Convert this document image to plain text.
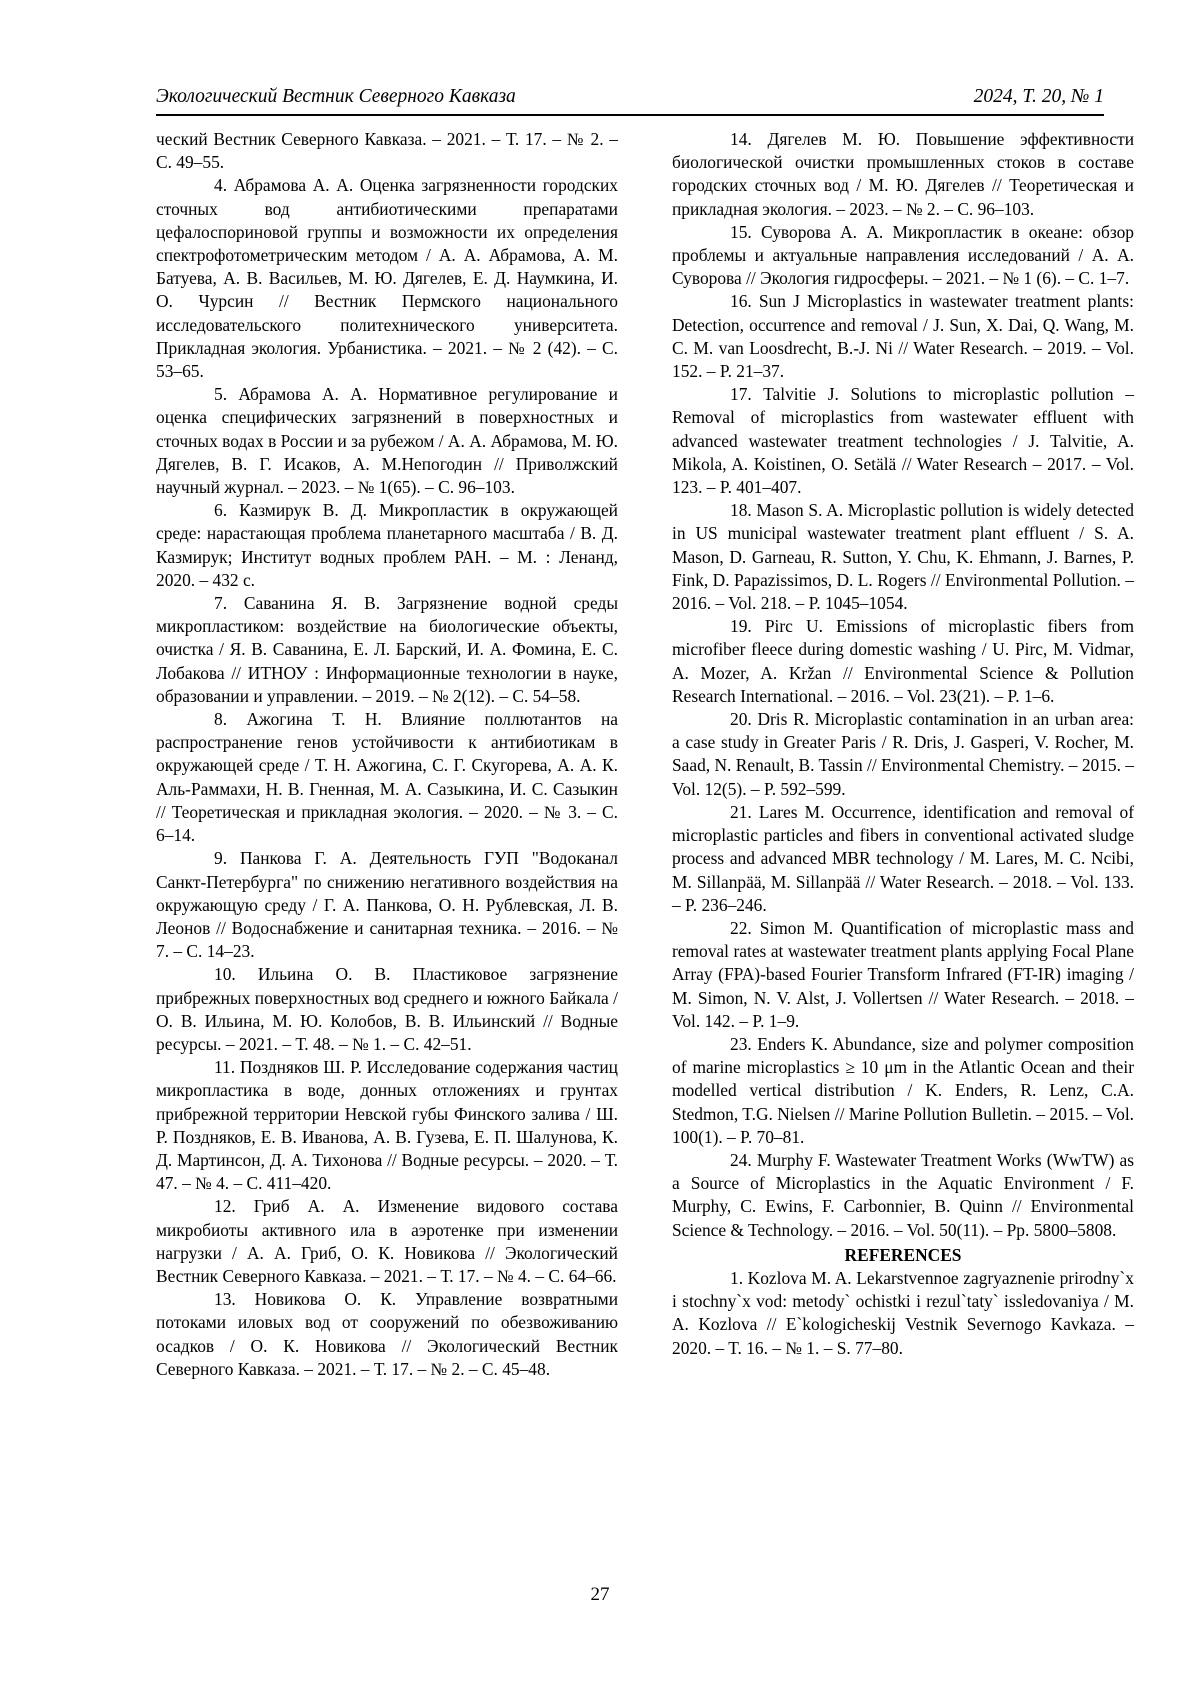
Экологический Вестник Северного Кавказа	2024, Т. 20, № 1

ческий Вестник Северного Кавказа. – 2021. – Т. 17. – № 2. – С. 49–55.

4. Абрамова А. А. Оценка загрязненности городских сточных вод антибиотическими препаратами цефалоспориновой группы и возможности их определения спектрофотометрическим методом / А. А. Абрамова, А. М. Батуева, А. В. Васильев, М. Ю. Дягелев, Е. Д. Наумкина, И. О. Чурсин // Вестник Пермского национального исследовательского политехнического университета. Прикладная экология. Урбанистика. – 2021. – № 2 (42). – С. 53–65.

5. Абрамова А. А. Нормативное регулирование и оценка специфических загрязнений в поверхностных и сточных водах в России и за рубежом / А. А. Абрамова, М. Ю. Дягелев, В. Г. Исаков, А. М.Непогодин // Приволжский научный журнал. – 2023. – № 1(65). – С. 96–103.

6. Казмирук В. Д. Микропластик в окружающей среде: нарастающая проблема планетарного масштаба / В. Д. Казмирук; Институт водных проблем РАН. – М. : Ленанд, 2020. – 432 с.

7. Саванина Я. В. Загрязнение водной среды микропластиком: воздействие на биологические объекты, очистка / Я. В. Саванина, Е. Л. Барский, И. А. Фомина, Е. С. Лобакова // ИТНОУ : Информационные технологии в науке, образовании и управлении. – 2019. – № 2(12). – С. 54–58.

8. Ажогина Т. Н. Влияние поллютантов на распространение генов устойчивости к антибиотикам в окружающей среде / Т. Н. Ажогина, С. Г. Скугорева, А. А. К. Аль-Раммахи, Н. В. Гненная, М. А. Сазыкина, И. С. Сазыкин // Теоретическая и прикладная экология. – 2020. – № 3. – С. 6–14.

9. Панкова Г. А. Деятельность ГУП "Водоканал Санкт-Петербурга" по снижению негативного воздействия на окружающую среду / Г. А. Панкова, О. Н. Рублевская, Л. В. Леонов // Водоснабжение и санитарная техника. – 2016. – № 7. – С. 14–23.

10. Ильина О. В. Пластиковое загрязнение прибрежных поверхностных вод среднего и южного Байкала / О. В. Ильина, М. Ю. Колобов, В. В. Ильинский // Водные ресурсы. – 2021. – Т. 48. – № 1. – С. 42–51.

11. Поздняков Ш. Р. Исследование содержания частиц микропластика в воде, донных отложениях и грунтах прибрежной территории Невской губы Финского залива / Ш. Р. Поздняков, Е. В. Иванова, А. В. Гузева, Е. П. Шалунова, К. Д. Мартинсон, Д. А. Тихонова // Водные ресурсы. – 2020. – Т. 47. – № 4. – С. 411–420.

12. Гриб А. А. Изменение видового состава микробиоты активного ила в аэротенке при изменении нагрузки / А. А. Гриб, О. К. Новикова // Экологический Вестник Северного Кавказа. – 2021. – Т. 17. – № 4. – С. 64–66.

13. Новикова О. К. Управление возвратными потоками иловых вод от сооружений по обезвоживанию осадков / О. К. Новикова // Экологический Вестник Северного Кавказа. – 2021. – Т. 17. – № 2. – С. 45–48.

14. Дягелев М. Ю. Повышение эффективности биологической очистки промышленных стоков в составе городских сточных вод / М. Ю. Дягелев // Теоретическая и прикладная экология. – 2023. – № 2. – С. 96–103.

15. Суворова А. А. Микропластик в океане: обзор проблемы и актуальные направления исследований / А. А. Суворова // Экология гидросферы. – 2021. – № 1 (6). – С. 1–7.

16. Sun J Microplastics in wastewater treatment plants: Detection, occurrence and removal / J. Sun, X. Dai, Q. Wang, M. C. M. van Loosdrecht, B.-J. Ni // Water Research. – 2019. – Vol. 152. – P. 21–37.

17. Talvitie J. Solutions to microplastic pollution – Removal of microplastics from wastewater effluent with advanced wastewater treatment technologies / J. Talvitie, A. Mikola, A. Koistinen, O. Setälä // Water Research – 2017. – Vol. 123. – P. 401–407.

18. Mason S. A. Microplastic pollution is widely detected in US municipal wastewater treatment plant effluent / S. A. Mason, D. Garneau, R. Sutton, Y. Chu, K. Ehmann, J. Barnes, P. Fink, D. Papazissimos, D. L. Rogers // Environmental Pollution. – 2016. – Vol. 218. – P. 1045–1054.

19. Pirc U. Emissions of microplastic fibers from microfiber fleece during domestic washing / U. Pirc, M. Vidmar, A. Mozer, A. Kržan // Environmental Science & Pollution Research International. – 2016. – Vol. 23(21). – P. 1–6.

20. Dris R. Microplastic contamination in an urban area: a case study in Greater Paris / R. Dris, J. Gasperi, V. Rocher, M. Saad, N. Renault, B. Tassin // Environmental Chemistry. – 2015. – Vol. 12(5). – P. 592–599.

21. Lares M. Occurrence, identification and removal of microplastic particles and fibers in conventional activated sludge process and advanced MBR technology / M. Lares, M. C. Ncibi, M. Sillanpää, M. Sillanpää // Water Research. – 2018. – Vol. 133. – P. 236–246.

22. Simon M. Quantification of microplastic mass and removal rates at wastewater treatment plants applying Focal Plane Array (FPA)-based Fourier Transform Infrared (FT-IR) imaging / M. Simon, N. V. Alst, J. Vollertsen // Water Research. – 2018. – Vol. 142. – P. 1–9.

23. Enders K. Abundance, size and polymer composition of marine microplastics ≥ 10 μm in the Atlantic Ocean and their modelled vertical distribution / K. Enders, R. Lenz, C.A. Stedmon, T.G. Nielsen // Marine Pollution Bulletin. – 2015. – Vol. 100(1). – P. 70–81.

24. Murphy F. Wastewater Treatment Works (WwTW) as a Source of Microplastics in the Aquatic Environment / F. Murphy, C. Ewins, F. Carbonnier, B. Quinn // Environmental Science & Technology. – 2016. – Vol. 50(11). – Pp. 5800–5808.

REFERENCES

1. Kozlova M. A. Lekarstvennoe zagryaznenie prirodny`x i stochny`x vod: metody` ochistki i rezul`taty` issledovaniya / M. A. Kozlova // E`kologicheskij Vestnik Severnogo Kavkaza. – 2020. – T. 16. – № 1. – S. 77–80.

27
